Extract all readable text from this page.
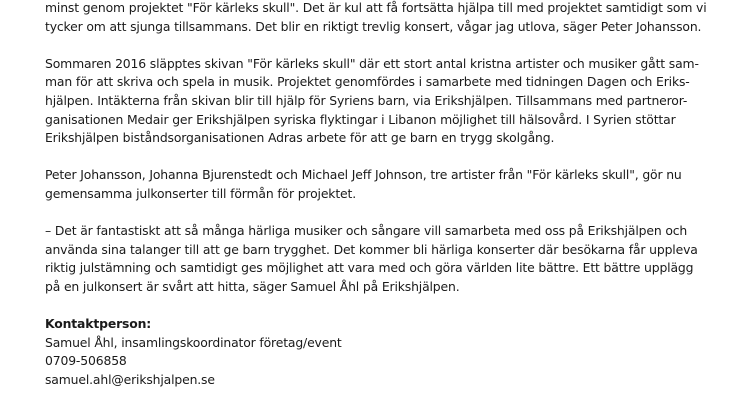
minst genom projektet "För kärleks skull". Det är kul att få fortsätta hjälpa till med projektet samtidigt som vi
tycker om att sjunga tillsammans. Det blir en riktigt trevlig konsert, vågar jag utlova, säger Peter Johansson.

Sommaren 2016 släpptes skivan "För kärleks skull" där ett stort antal kristna artister och musiker gått sam-
man för att skriva och spela in musik. Projektet genomfördes i samarbete med tidningen Dagen och Eriks-
hjälpen. Intäkterna från skivan blir till hjälp för Syriens barn, via Erikshjälpen. Tillsammans med partneror-
ganisationen Medair ger Erikshjälpen syriska flyktingar i Libanon möjlighet till hälsovård. I Syrien stöttar
Erikshjälpen biståndsorganisationen Adras arbete för att ge barn en trygg skolgång.

Peter Johansson, Johanna Bjurenstedt och Michael Jeff Johnson, tre artister från "För kärleks skull", gör nu
gemensamma julkonserter till förmån för projektet.

– Det är fantastiskt att så många härliga musiker och sångare vill samarbeta med oss på Erikshjälpen och
använda sina talanger till att ge barn trygghet. Det kommer bli härliga konserter där besökarna får uppleva
riktig julstämning och samtidigt ges möjlighet att vara med och göra världen lite bättre. Ett bättre upplägg
på en julkonsert är svårt att hitta, säger Samuel Åhl på Erikshjälpen.

Kontaktperson:
Samuel Åhl, insamlingskoordinator företag/event
0709-506858
samuel.ahl@erikshjalpen.se
